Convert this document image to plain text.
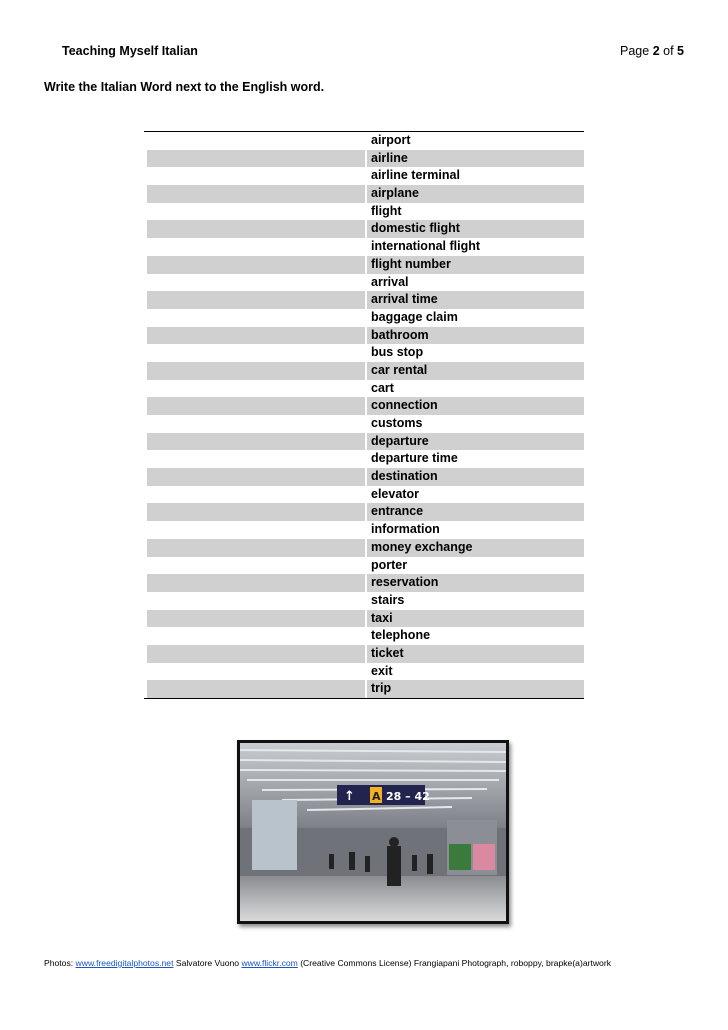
Teaching Myself Italian	Page 2 of 5
Write the Italian Word next to the English word.
airport
airline
airline terminal
airplane
flight
domestic flight
international flight
flight number
arrival
arrival time
baggage claim
bathroom
bus stop
car rental
cart
connection
customs
departure
departure time
destination
elevator
entrance
information
money exchange
porter
reservation
stairs
taxi
telephone
ticket
exit
trip
↑ A 28 – 42
Photos: www.freedigitalphotos.net Salvatore Vuono www.flickr.com (Creative Commons License) Frangiapani Photograph, roboppy, brapke(a)artwork
